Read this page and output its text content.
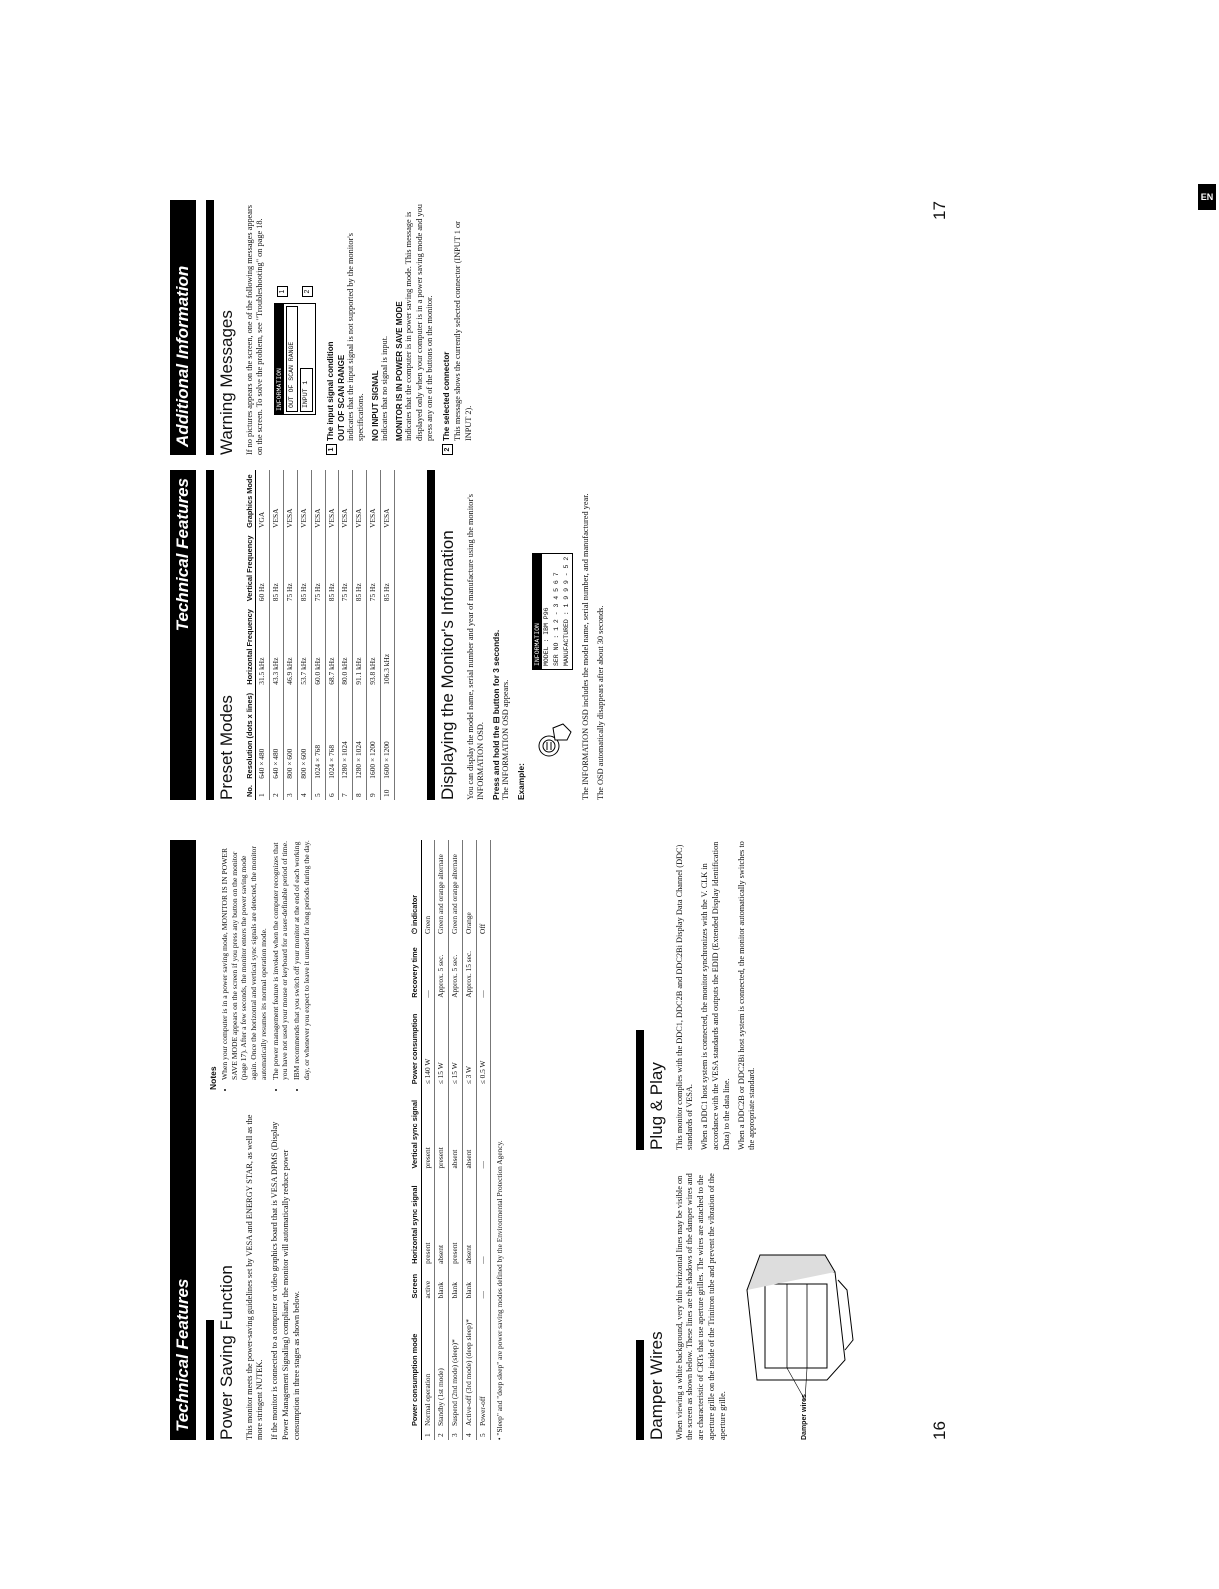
Technical Features Power Saving Function This monitor meets the power-saving guidelines set by VESA and ENERGY STAR, as well as the more stringent NUTEK. If the monitor is connected to a computer or video graphics board that is VESA DPMS (Display Power Management Signaling) compliant, the monitor will automatically reduce power consumption in three stages as shown below.

Notes • When your computer is in a power saving mode, MONITOR IS IN POWER SAVE MODE appears on the screen if you press any button on the monitor (page 17). After a few seconds, the monitor enters the power saving mode again. Once the horizontal and vertical sync signals are detected, the monitor automatically resumes its normal operation mode. • The power management feature is invoked when the computer recognizes that you have not used your mouse or keyboard for a user-definable period of time. • IBM recommends that you switch off your monitor at the end of each working day, or whenever you expect to leave it unused for long periods during the day.
	Power consumption mode	Screen	Horizontal sync signal	Vertical sync signal	Power consumption	Recovery time	⏻ indicator
1	Normal operation	active	present	present	≤ 140 W	—	Green
2	Standby (1st mode)	blank	absent	present	≤ 15 W	Approx. 5 sec.	Green and orange alternate
3	Suspend (2nd mode) (sleep)*	blank	present	absent	≤ 15 W	Approx. 5 sec.	Green and orange alternate
4	Active-off (3rd mode) (deep sleep)*	blank	absent	absent	≤ 3 W	Approx. 15 sec.	Orange
5	Power-off	—	—	—	≤ 0.5 W	—	Off
• "Sleep" and "deep sleep" are power saving modes defined by the Environmental Protection Agency.	Damper Wires When viewing a white background, very thin horizontal lines may be visible on the screen as shown below. These lines are the shadows of the damper wires and are characteristic of CRTs that use aperture grilles. The wires are attached to the aperture grille on the inside of the Trinitron tube and prevent the vibration of the aperture grille.	Damper wires
Plug & Play This monitor complies with the DDC1, DDC2B and DDC2Bi Display Data Channel (DDC) standards of VESA. When a DDC1 host system is connected, the monitor synchronizes with the V. CLK in accordance with the VESA standards and outputs the EDID (Extended Display Identification Data) to the data line. When a DDC2B or DDC2Bi host system is connected, the monitor automatically switches to the appropriate standard.

16
Technical Features
Additional Information
Preset Modes No.	Resolution (dots x lines)	Horizontal Frequency	Vertical Frequency	Graphics Mode
1	640 × 480	31.5 kHz	60 Hz	VGA
2	640 × 480	43.3 kHz	85 Hz	VESA
3	800 × 600	46.9 kHz	75 Hz	VESA
4	800 × 600	53.7 kHz	85 Hz	VESA
5	1024 × 768	60.0 kHz	75 Hz	VESA
6	1024 × 768	68.7 kHz	85 Hz	VESA
7	1280 × 1024	80.0 kHz	75 Hz	VESA
8	1280 × 1024	91.1 kHz	85 Hz	VESA
9	1600 × 1200	93.8 kHz	75 Hz	VESA
10	1600 × 1200	106.3 kHz	85 Hz	VESA
Displaying the Monitor's Information You can display the model name, serial number and year of manufacture using the monitor's INFORMATION OSD. Press and hold the ⊟ button for 3 seconds. The INFORMATION OSD appears. Example:
INFORMATION MODEL : IBM P96 SER NO : 1 2 - 3 4 5 6 7 MANUFACTURED : 1 9 9 9 - 5 2 The INFORMATION OSD includes the model name, serial number, and manufactured year. The OSD automatically disappears after about 30 seconds.

Warning Messages If no pictures appears on the screen, one of the following messages appears on the screen. To solve the problem, see "Troubleshooting" on page 18. INFORMATION OUT OF SCAN RANGE	INPUT 1
1	2
1The input signal condition OUT OF SCAN RANGE indicates that the input signal is not supported by the monitor's specifications. NO INPUT SIGNAL indicates that no signal is input. MONITOR IS IN POWER SAVE MODE indicates that the computer is in power saving mode. This message is displayed only when your computer is in a power saving mode and you press any one of the buttons on the monitor.

2The selected connector This message shows the currently selected connector (INPUT 1 or INPUT 2).

17
EN
